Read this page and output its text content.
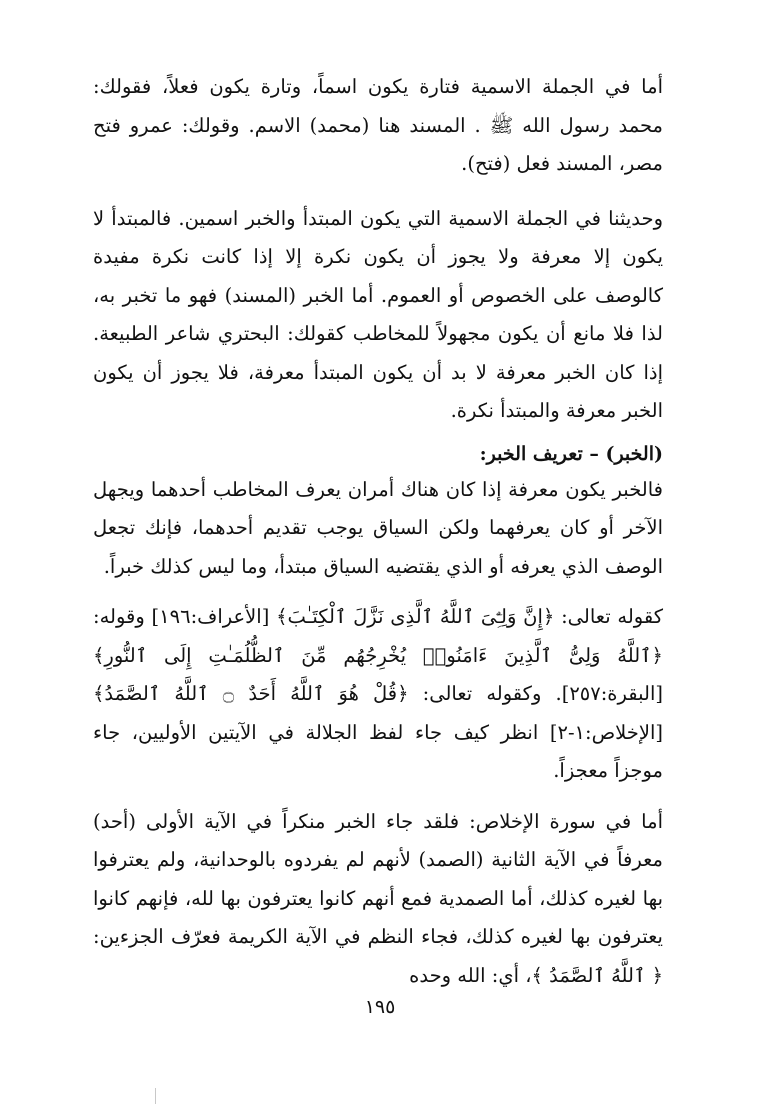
أما في الجملة الاسمية فتارة يكون اسماً، وتارة يكون فعلاً، فقولك: محمد رسول الله ﷺ . المسند هنا (محمد) الاسم. وقولك: عمرو فتح مصر، المسند فعل (فتح).

وحديثنا في الجملة الاسمية التي يكون المبتدأ والخبر اسمين. فالمبتدأ لا يكون إلا معرفة ولا يجوز أن يكون نكرة إلا إذا كانت نكرة مفيدة كالوصف على الخصوص أو العموم. أما الخبر (المسند) فهو ما تخبر به، لذا فلا مانع أن يكون مجهولاً للمخاطب كقولك: البحتري شاعر الطبيعة. إذا كان الخبر معرفة لا بد أن يكون المبتدأ معرفة، فلا يجوز أن يكون الخبر معرفة والمبتدأ نكرة.

(الخبر) – تعريف الخبر:

فالخبر يكون معرفة إذا كان هناك أمران يعرف المخاطب أحدهما ويجهل الآخر أو كان يعرفهما ولكن السياق يوجب تقديم أحدهما، فإنك تجعل الوصف الذي يعرفه أو الذي يقتضيه السياق مبتدأ، وما ليس كذلك خبراً.

كقوله تعالى: ﴿إِنَّ وَلِـِّۧىَ ٱللَّهُ ٱلَّذِى نَزَّلَ ٱلْكِتَـٰبَ﴾ [الأعراف:١٩٦] وقوله: ﴿ٱللَّهُ وَلِىُّ ٱلَّذِينَ ءَامَنُوا۟ يُخْرِجُهُم مِّنَ ٱلظُّلُمَـٰتِ إِلَى ٱلنُّورِ﴾ [البقرة:٢٥٧]. وكقوله تعالى: ﴿قُلْ هُوَ ٱللَّهُ أَحَدٌ ۝ ٱللَّهُ ٱلصَّمَدُ﴾ [الإخلاص:١-٢] انظر كيف جاء لفظ الجلالة في الآيتين الأوليين، جاء موجزاً معجزاً.

أما في سورة الإخلاص: فلقد جاء الخبر منكراً في الآية الأولى (أحد) معرفاً في الآية الثانية (الصمد) لأنهم لم يفردوه بالوحدانية، ولم يعترفوا بها لغيره كذلك، أما الصمدية فمع أنهم كانوا يعترفون بها لله، فإنهم كانوا يعترفون بها لغيره كذلك، فجاء النظم في الآية الكريمة فعرّف الجزءين: ﴿ ٱللَّهُ ٱلصَّمَدُ ﴾، أي: الله وحده

١٩٥
